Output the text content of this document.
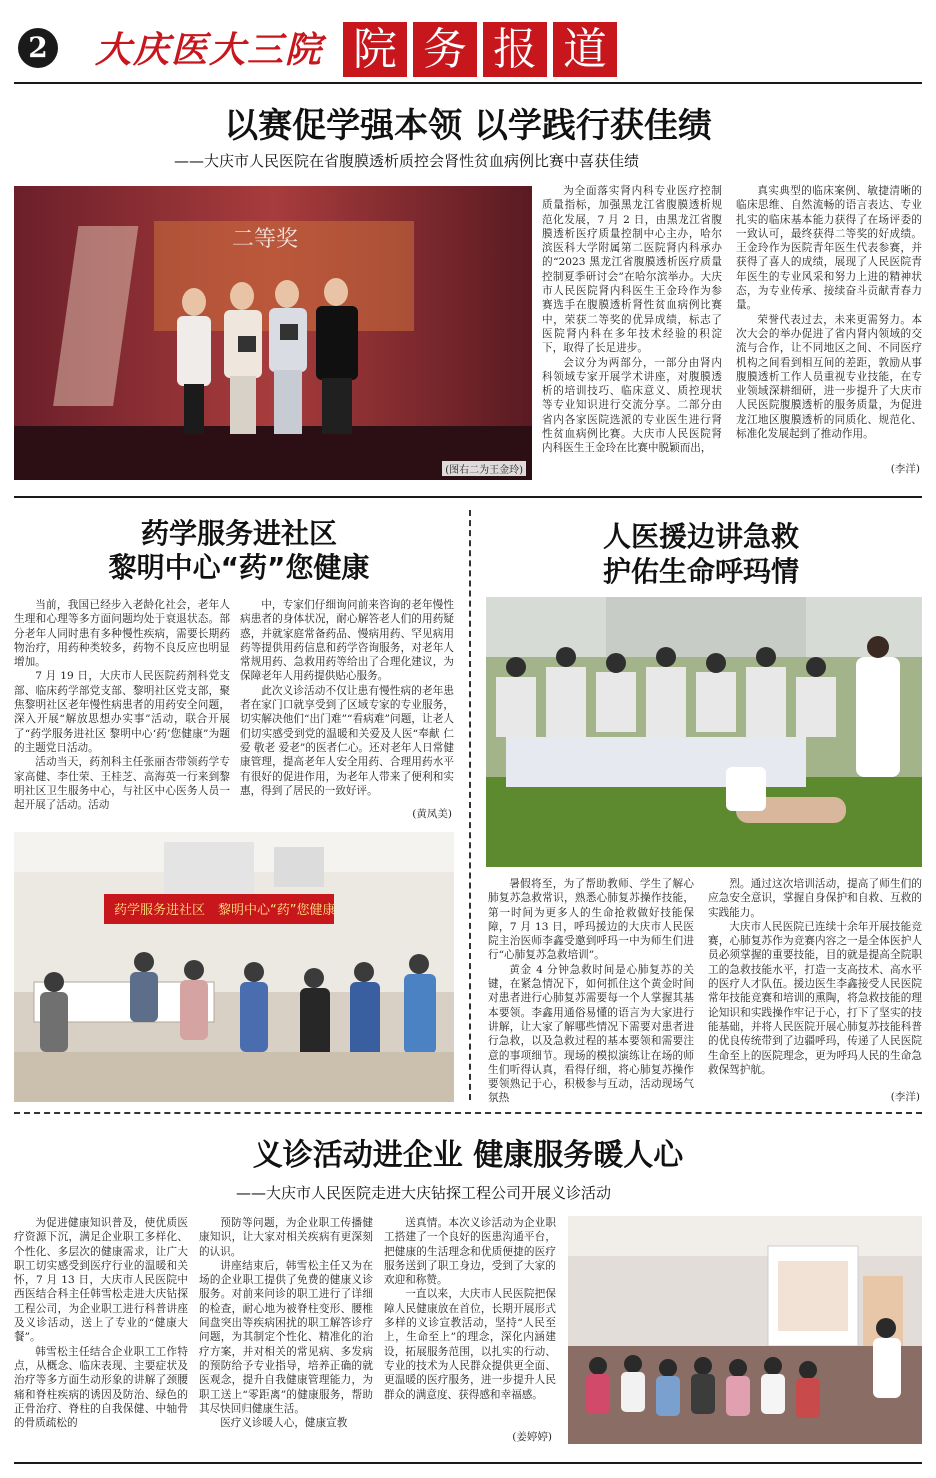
2 大庆医大三院 院 务 报 道
以赛促学强本领 以学践行获佳绩
——大庆市人民医院在省腹膜透析质控会肾性贫血病例比赛中喜获佳绩
二等奖
(图右二为王金玲)

为全面落实肾内科专业医疗控制质量指标，加强黑龙江省腹膜透析规范化发展，7 月 2 日，由黑龙江省腹膜透析医疗质量控制中心主办，哈尔滨医科大学附属第二医院肾内科承办的“2023 黑龙江省腹膜透析医疗质量控制夏季研讨会”在哈尔滨举办。大庆市人民医院肾内科医生王金玲作为参赛选手在腹膜透析肾性贫血病例比赛中，荣获二等奖的优异成绩，标志了医院肾内科在多年技术经验的积淀下，取得了长足进步。

会议分为两部分，一部分由肾内科领域专家开展学术讲座，对腹膜透析的培训技巧、临床意义、质控现状等专业知识进行交流分享。二部分由省内各家医院选派的专业医生进行肾性贫血病例比赛。大庆市人民医院肾内科医生王金玲在比赛中脱颖而出，

真实典型的临床案例、敏捷清晰的临床思维、自然流畅的语言表达、专业扎实的临床基本能力获得了在场评委的一致认可，最终获得二等奖的好成绩。王金玲作为医院青年医生代表参赛，并获得了喜人的成绩，展现了人民医院青年医生的专业风采和努力上进的精神状态，为专业传承、接续奋斗贡献青春力量。

荣誉代表过去，未来更需努力。本次大会的举办促进了省内肾内领域的交流与合作，让不同地区之间、不同医疗机构之间看到相互间的差距，敦励从事腹膜透析工作人员重视专业技能，在专业领域深耕细研，进一步提升了大庆市人民医院腹膜透析的服务质量，为促进龙江地区腹膜透析的同质化、规范化、标准化发展起到了推动作用。

(李洋)
药学服务进社区
黎明中心“药”您健康

当前，我国已经步入老龄化社会，老年人生理和心理等多方面问题均处于衰退状态。部分老年人同时患有多种慢性疾病，需要长期药物治疗，用药种类较多，药物不良反应也明显增加。

7 月 19 日，大庆市人民医院药剂科党支部、临床药学部党支部、黎明社区党支部，聚焦黎明社区老年慢性病患者的用药安全问题，深入开展“解放思想办实事”活动，联合开展了“药学服务进社区 黎明中心‘药’您健康”为题的主题党日活动。

活动当天，药剂科主任张丽杏带领药学专家高健、李仕荣、王桂芝、高海英一行来到黎明社区卫生服务中心，与社区中心医务人员一起开展了活动。活动

中，专家们仔细询问前来咨询的老年慢性病患者的身体状况，耐心解答老人们的用药疑惑，并就家庭常备药品、慢病用药、罕见病用药等提供用药信息和药学咨询服务，对老年人常规用药、急救用药等给出了合理化建议，为保障老年人用药提供贴心服务。

此次义诊活动不仅让患有慢性病的老年患者在家门口就享受到了区域专家的专业服务，切实解决他们“出门难”“看病难”问题，让老人们切实感受到党的温暖和关爱及人医“奉献 仁爱 敬老 爱老”的医者仁心。还对老年人日常健康管理，提高老年人安全用药、合理用药水平有很好的促进作用，为老年人带来了便利和实惠，得到了居民的一致好评。

(黄凤美)
药学服务进社区　黎明中心“药”您健康
人医援边讲急救
护佑生命呼玛情

暑假将至，为了帮助教师、学生了解心肺复苏急救常识，熟悉心肺复苏操作技能，第一时间为更多人的生命抢救做好技能保障，7 月 13 日，呼玛援边的大庆市人民医院主治医师李鑫受邀到呼玛一中为师生们进行“心肺复苏急救培训”。

黄金 4 分钟急救时间是心肺复苏的关键，在紧急情况下，如何抓住这个黄金时间对患者进行心肺复苏需要每一个人掌握其基本要领。李鑫用通俗易懂的语言为大家进行讲解，让大家了解哪些情况下需要对患者进行急救，以及急救过程的基本要领和需要注意的事项细节。现场的模拟演练让在场的师生们听得认真，看得仔细，将心肺复苏操作要领熟记于心，积极参与互动，活动现场气氛热

烈。通过这次培训活动，提高了师生们的应急安全意识，掌握自身保护和自救、互救的实践能力。

大庆市人民医院已连续十余年开展技能竞赛，心肺复苏作为竞赛内容之一是全体医护人员必须掌握的重要技能，目的就是提高全院职工的急救技能水平，打造一支高技术、高水平的医疗人才队伍。援边医生李鑫接受人民医院常年技能竞赛和培训的熏陶，将急救技能的理论知识和实践操作牢记于心，打下了坚实的技能基础，并将人民医院开展心肺复苏技能科普的优良传统带到了边疆呼玛，传递了人民医院生命至上的医院理念，更为呼玛人民的生命急救保驾护航。

(李洋)
义诊活动进企业 健康服务暖人心
——大庆市人民医院走进大庆钻探工程公司开展义诊活动

为促进健康知识普及，使优质医疗资源下沉，满足企业职工多样化、个性化、多层次的健康需求，让广大职工切实感受到医疗行业的温暖和关怀，7 月 13 日，大庆市人民医院中西医结合科主任韩雪松走进大庆钻探工程公司，为企业职工进行科普讲座及义诊活动，送上了专业的“健康大餐”。

韩雪松主任结合企业职工工作特点，从概念、临床表现、主要症状及治疗等多方面生动形象的讲解了颈腰痛和脊柱疾病的诱因及防治、绿色的正骨治疗、脊柱的自我保健、中轴骨的骨质疏松的

预防等问题，为企业职工传播健康知识，让大家对相关疾病有更深刻的认识。

讲座结束后，韩雪松主任又为在场的企业职工提供了免费的健康义诊服务。对前来问诊的职工进行了详细的检查，耐心地为被脊柱变形、腰椎间盘突出等疾病困扰的职工解答诊疗问题，为其制定个性化、精准化的治疗方案，并对相关的常见病、多发病的预防给予专业指导，培养正确的就医观念，提升自我健康管理能力，为职工送上“零距离”的健康服务，帮助其尽快回归健康生活。

医疗义诊暖人心，健康宣教

送真情。本次义诊活动为企业职工搭建了一个良好的医患沟通平台，把健康的生活理念和优质便捷的医疗服务送到了职工身边，受到了大家的欢迎和称赞。

一直以来，大庆市人民医院把保障人民健康放在首位，长期开展形式多样的义诊宣教活动，坚持“人民至上，生命至上”的理念，深化内涵建设，拓展服务范围，以扎实的行动、专业的技术为人民群众提供更全面、更温暖的医疗服务，进一步提升人民群众的满意度、获得感和幸福感。

(姜婷婷)
